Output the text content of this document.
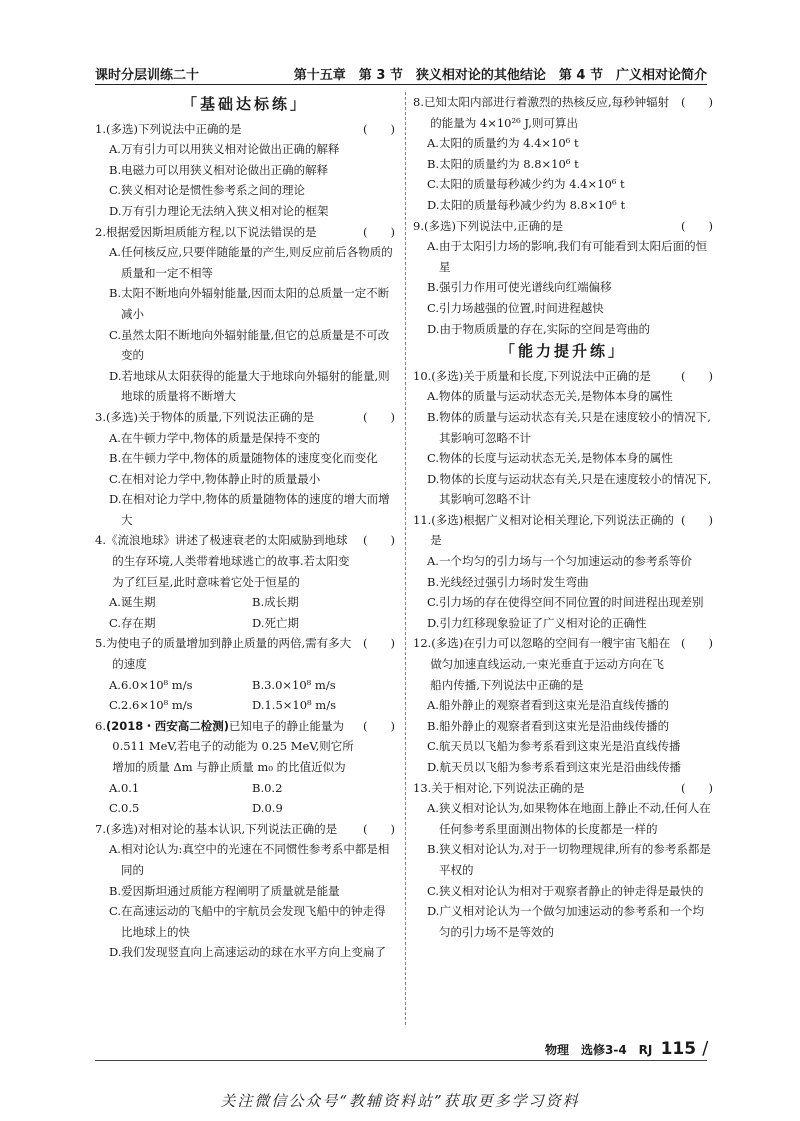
课时分层训练二十	第十五章　第 3 节　狭义相对论的其他结论　第 4 节　广义相对论简介
「基础达标练」
1.(多选)下列说法中正确的是	(　　)
A.万有引力可以用狭义相对论做出正确的解释
B.电磁力可以用狭义相对论做出正确的解释
C.狭义相对论是惯性参考系之间的理论
D.万有引力理论无法纳入狭义相对论的框架
2.根据爱因斯坦质能方程,以下说法错误的是	(　　)
A.任何核反应,只要伴随能量的产生,则反应前后各物质的质量和一定不相等
B.太阳不断地向外辐射能量,因而太阳的总质量一定不断减小
C.虽然太阳不断地向外辐射能量,但它的总质量是不可改变的
D.若地球从太阳获得的能量大于地球向外辐射的能量,则地球的质量将不断增大
3.(多选)关于物体的质量,下列说法正确的是	(　　)
A.在牛顿力学中,物体的质量是保持不变的
B.在牛顿力学中,物体的质量随物体的速度变化而变化
C.在相对论力学中,物体静止时的质量最小
D.在相对论力学中,物体的质量随物体的速度的增大而增大
4.《流浪地球》讲述了极速衰老的太阳威胁到地球的生存环境,人类带着地球逃亡的故事.若太阳变为了红巨星,此时意味着它处于恒星的
(　　)
A.诞生期	B.成长期
C.存在期	D.死亡期
5.为使电子的质量增加到静止质量的两倍,需有多大的速度
(　　)
A.6.0×10⁸ m/s	B.3.0×10⁸ m/s
C.2.6×10⁸ m/s	D.1.5×10⁸ m/s
6.(2018・西安高二检测)已知电子的静止能量为 0.511 MeV,若电子的动能为 0.25 MeV,则它所增加的质量 Δm 与静止质量 m₀ 的比值近似为
(　　)
A.0.1	B.0.2
C.0.5	D.0.9
7.(多选)对相对论的基本认识,下列说法正确的是	(　　)
A.相对论认为:真空中的光速在不同惯性参考系中都是相同的
B.爱因斯坦通过质能方程阐明了质量就是能量
C.在高速运动的飞船中的宇航员会发现飞船中的钟走得比地球上的快
D.我们发现竖直向上高速运动的球在水平方向上变扁了
8.已知太阳内部进行着激烈的热核反应,每秒钟辐射的能量为 4×10²⁶ J,则可算出
(　　)
A.太阳的质量约为 4.4×10⁶ t
B.太阳的质量约为 8.8×10⁶ t
C.太阳的质量每秒减少约为 4.4×10⁶ t
D.太阳的质量每秒减少约为 8.8×10⁶ t
9.(多选)下列说法中,正确的是	(　　)
A.由于太阳引力场的影响,我们有可能看到太阳后面的恒星
B.强引力作用可使光谱线向红端偏移
C.引力场越强的位置,时间进程越快
D.由于物质质量的存在,实际的空间是弯曲的
「能力提升练」
10.(多选)关于质量和长度,下列说法中正确的是	(　　)
A.物体的质量与运动状态无关,是物体本身的属性
B.物体的质量与运动状态有关,只是在速度较小的情况下,其影响可忽略不计
C.物体的长度与运动状态无关,是物体本身的属性
D.物体的长度与运动状态有关,只是在速度较小的情况下,其影响可忽略不计
11.(多选)根据广义相对论相关理论,下列说法正确的是
(　　)
A.一个均匀的引力场与一个匀加速运动的参考系等价
B.光线经过强引力场时发生弯曲
C.引力场的存在使得空间不同位置的时间进程出现差别
D.引力红移现象验证了广义相对论的正确性
12.(多选)在引力可以忽略的空间有一艘宇宙飞船在做匀加速直线运动,一束光垂直于运动方向在飞船内传播,下列说法中正确的是
(　　)
A.船外静止的观察者看到这束光是沿直线传播的
B.船外静止的观察者看到这束光是沿曲线传播的
C.航天员以飞船为参考系看到这束光是沿直线传播
D.航天员以飞船为参考系看到这束光是沿曲线传播
13.关于相对论,下列说法正确的是	(　　)
A.狭义相对论认为,如果物体在地面上静止不动,任何人在任何参考系里面测出物体的长度都是一样的
B.狭义相对论认为,对于一切物理规律,所有的参考系都是平权的
C.狭义相对论认为相对于观察者静止的钟走得是最快的
D.广义相对论认为一个做匀加速运动的参考系和一个均匀的引力场不是等效的
物理　选修3-4　RJ 115 /
关注微信公众号“教辅资料站”获取更多学习资料
